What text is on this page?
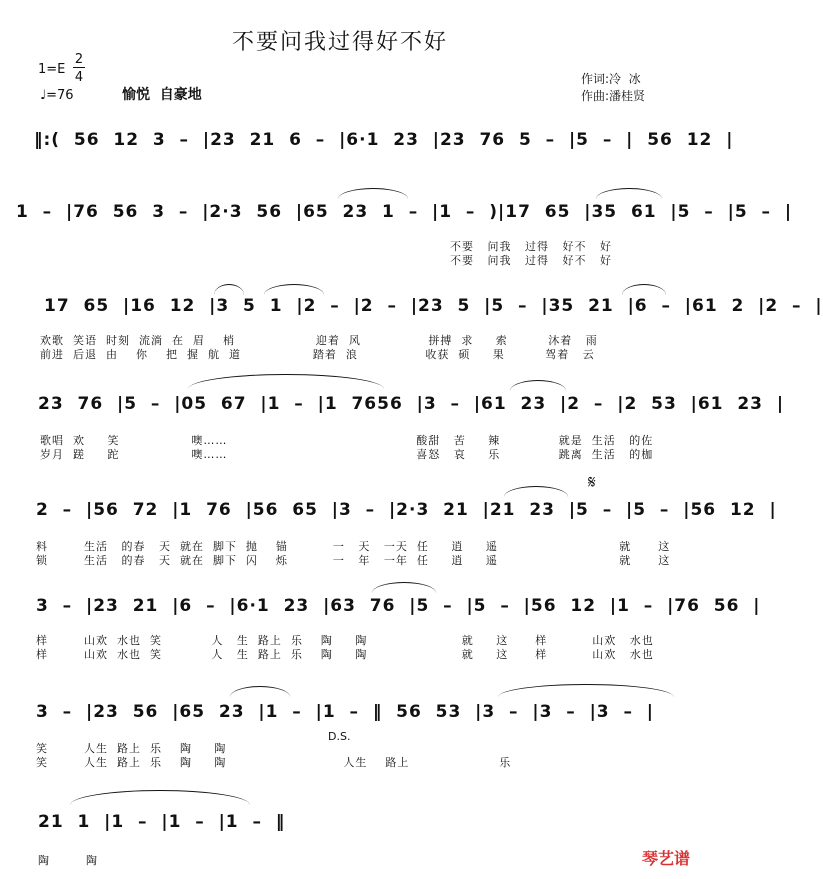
不要问我过得好不好
1=E
2
4
♩=76	愉悦  自豪地
作词:冷  冰
作曲:潘桂贤
‖:(  56  12  3  –  |23  21  6  –  |6·1  23  |23  76  5  –  |5  –  |  56  12  |
1  –  |76  56  3  –  |2·3  56  |65  23  1  –  |1  –  )|17  65  |35  61  |5  –  |5  –  |
不要   问我   过得   好不   好
不要   问我   过得   好不   好
17  65  |16  12  |3  5  1  |2  –  |2  –  |23  5  |5  –  |35  21  |6  –  |61  2  |2  –  |
欢歌  笑语  时刻  流淌  在  眉    梢                  迎着  风               拼搏  求     索         沐着   雨
前进  后退  由    你    把  握  航  道                踏着  浪               收获  硕     果         驾着   云
23  76  |5  –  |05  67  |1  –  |1  7656  |3  –  |61  23  |2  –  |2  53  |61  23  |
歌唱  欢     笑                噢……                                          酸甜   苦     辣             就是  生活   的佐
岁月  蹉     跎                噢……                                          喜怒   哀     乐             跳离  生活   的枷
2  –  |56  72  |1  76  |56  65  |3  –  |2·3  21  |21  23  |5  –  |5  –  |56  12  |
𝄋
料        生活   的春   天  就在  脚下  抛    锚          一   天   一天  任     逍     遥                           就      这
锁        生活   的春   天  就在  脚下  闪    烁          一   年   一年  任     逍     遥                           就      这
3  –  |23  21  |6  –  |6·1  23  |63  76  |5  –  |5  –  |56  12  |1  –  |76  56  |
样        山欢  水也  笑           人   生  路上  乐    陶     陶                     就     这      样          山欢   水也
样        山欢  水也  笑           人   生  路上  乐    陶     陶                     就     这      样          山欢   水也
3  –  |23  56  |65  23  |1  –  |1  –  ‖  56  53  |3  –  |3  –  |3  –  |
D.S.
笑        人生  路上  乐    陶     陶
笑        人生  路上  乐    陶     陶                          人生    路上                    乐
21  1  |1  –  |1  –  |1  –  ‖
陶        陶	琴艺谱
